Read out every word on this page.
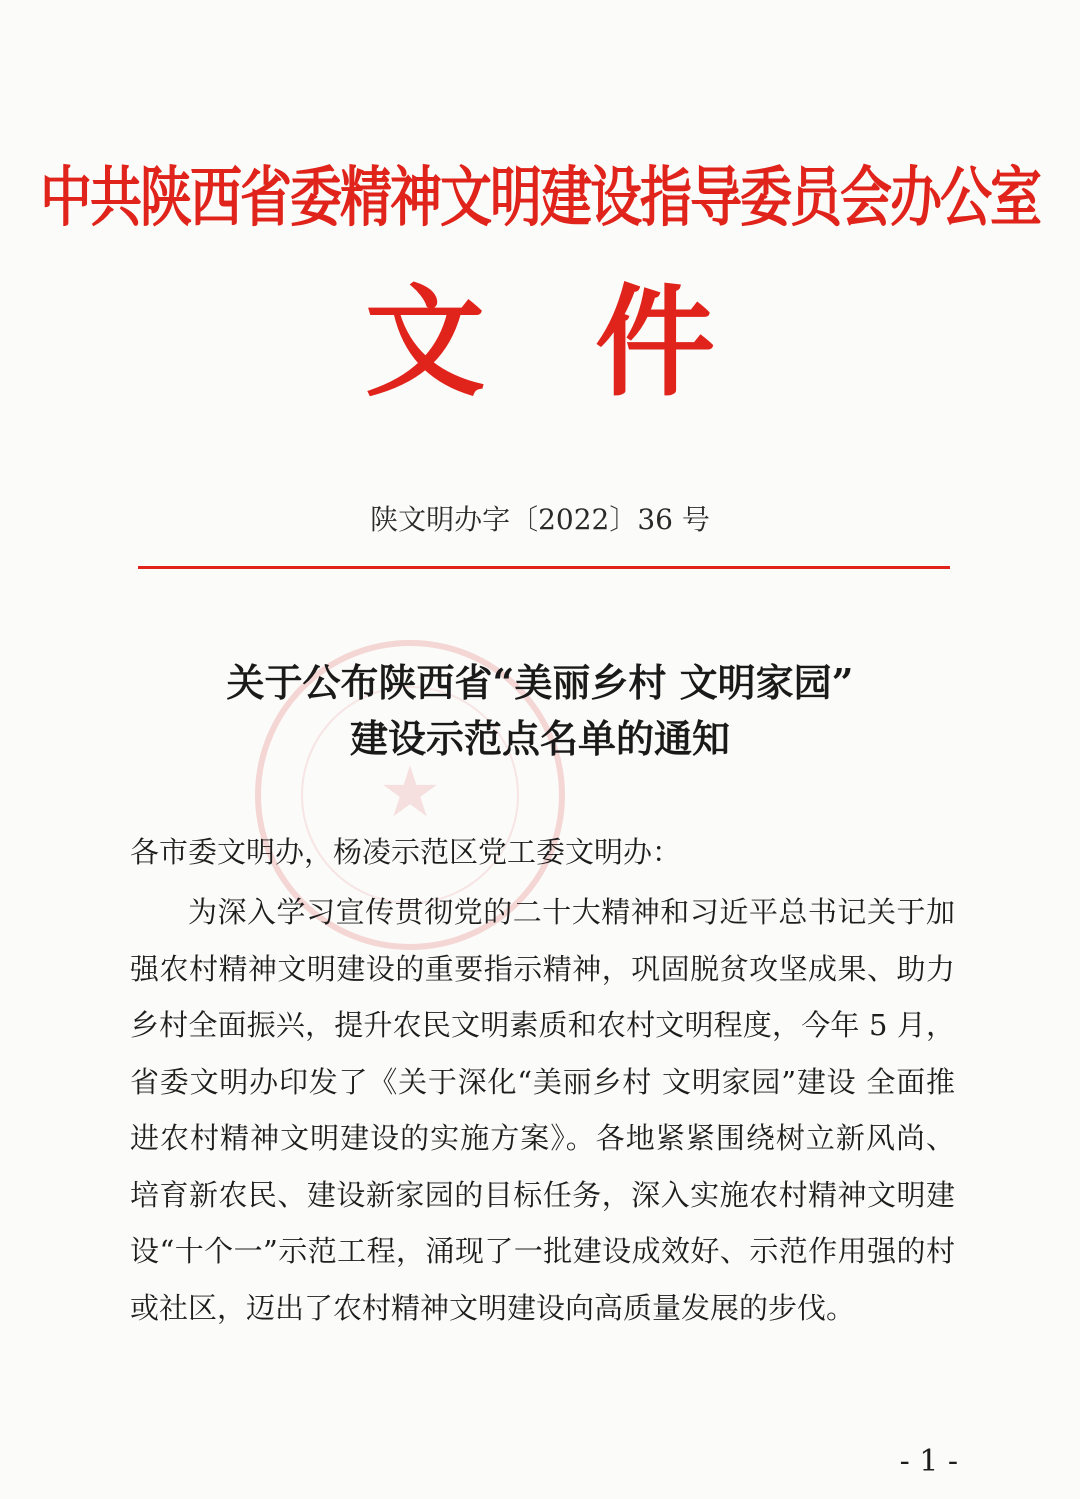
中共陕西省委精神文明建设指导委员会办公室
文件
陕文明办字〔2022〕36 号
★
关于公布陕西省“美丽乡村 文明家园”
建设示范点名单的通知
各市委文明办，杨凌示范区党工委文明办：
为深入学习宣传贯彻党的二十大精神和习近平总书记关于加强农村精神文明建设的重要指示精神，巩固脱贫攻坚成果、助力乡村全面振兴，提升农民文明素质和农村文明程度，今年 5 月，省委文明办印发了《关于深化“美丽乡村 文明家园”建设 全面推进农村精神文明建设的实施方案》。各地紧紧围绕树立新风尚、培育新农民、建设新家园的目标任务，深入实施农村精神文明建设“十个一”示范工程，涌现了一批建设成效好、示范作用强的村或社区，迈出了农村精神文明建设向高质量发展的步伐。
- 1 -
